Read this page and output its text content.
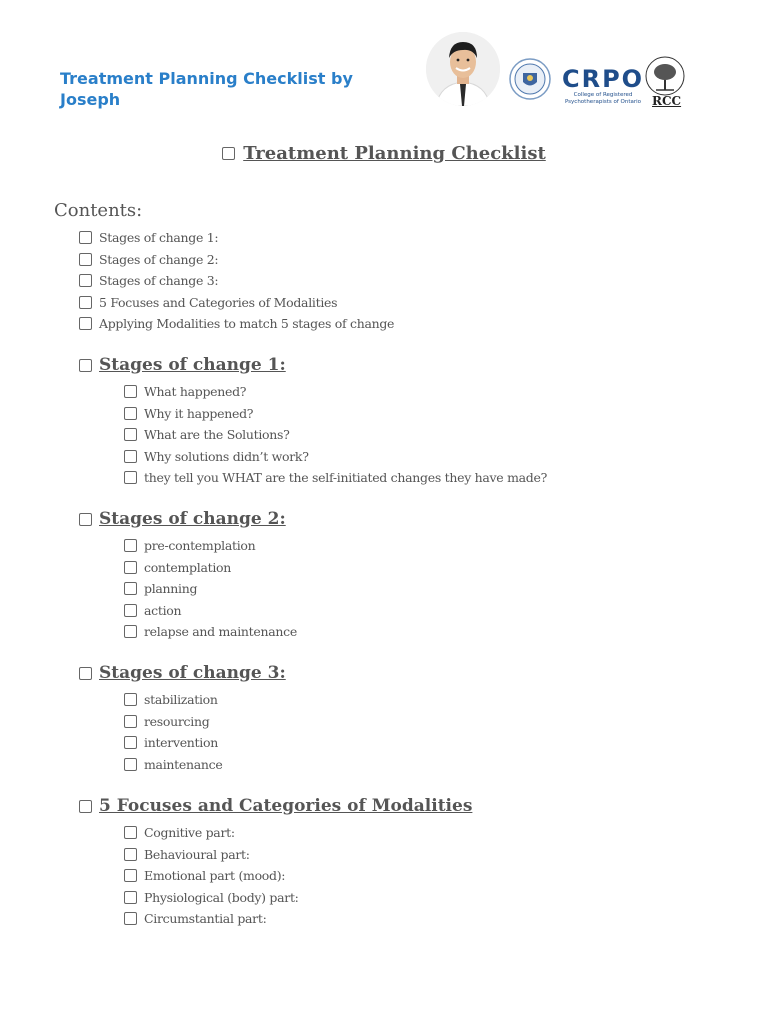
Treatment Planning Checklist by Joseph
CRPO
College of Registered Psychotherapists of Ontario RCC
Treatment Planning Checklist
Contents:
Stages of change 1:
Stages of change 2:
Stages of change 3:
5 Focuses and Categories of Modalities
Applying Modalities to match 5 stages of change
Stages of change 1:
What happened?
Why it happened?
What are the Solutions?
Why solutions didn’t work?
they tell you WHAT are the self-initiated changes they have made?
Stages of change 2:
pre-contemplation
contemplation
planning
action
relapse and maintenance
Stages of change 3:
stabilization
resourcing
intervention
maintenance
5 Focuses and Categories of Modalities
Cognitive part:
Behavioural part:
Emotional part (mood):
Physiological (body) part:
Circumstantial part:
